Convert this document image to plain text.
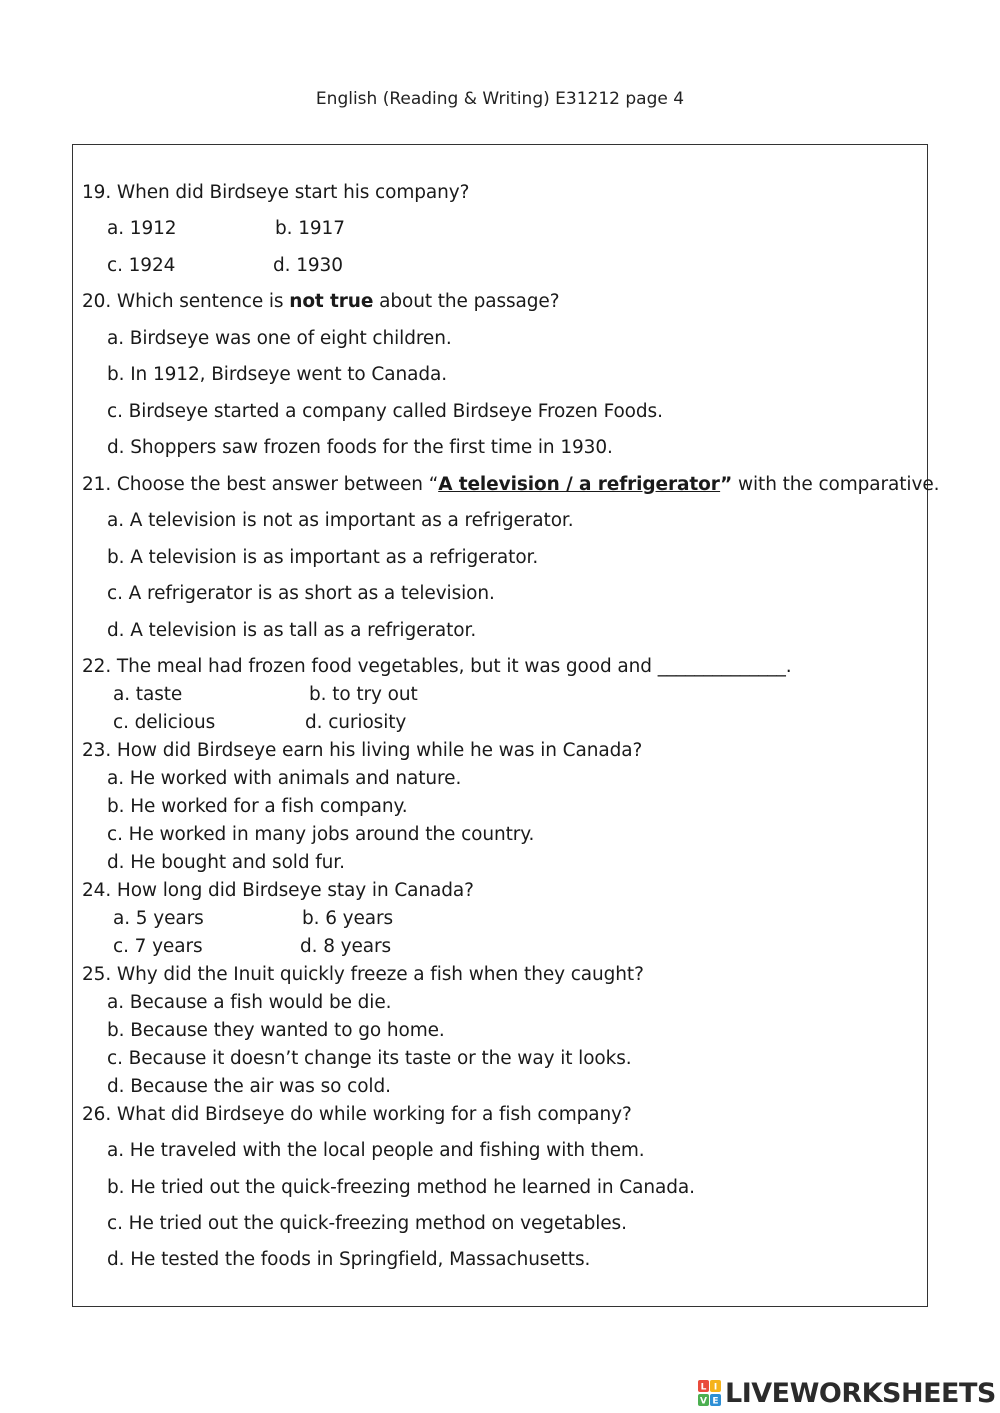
English (Reading & Writing) E31212 page 4
19. When did Birdseye start his company?
a. 1912	b. 1917
c. 1924	d. 1930
20. Which sentence is not true about the passage?
a. Birdseye was one of eight children.
b. In 1912, Birdseye went to Canada.
c. Birdseye started a company called Birdseye Frozen Foods.
d. Shoppers saw frozen foods for the first time in 1930.
21. Choose the best answer between “A television / a refrigerator” with the comparative.
a. A television is not as important as a refrigerator.
b. A television is as important as a refrigerator.
c. A refrigerator is as short as a television.
d. A television is as tall as a refrigerator.
22. The meal had frozen food vegetables, but it was good and ______________.
a. taste	b. to try out
c. delicious	d. curiosity
23. How did Birdseye earn his living while he was in Canada?
a. He worked with animals and nature.
b. He worked for a fish company.
c. He worked in many jobs around the country.
d. He bought and sold fur.
24. How long did Birdseye stay in Canada?
a. 5 years	b. 6 years
c. 7 years	d. 8 years
25. Why did the Inuit quickly freeze a fish when they caught?
a. Because a fish would be die.
b. Because they wanted to go home.
c. Because it doesn’t change its taste or the way it looks.
d. Because the air was so cold.
26. What did Birdseye do while working for a fish company?
a. He traveled with the local people and fishing with them.
b. He tried out the quick-freezing method he learned in Canada.
c. He tried out the quick-freezing method on vegetables.
d. He tested the foods in Springfield, Massachusetts.
L I
V E LIVEWORKSHEETS
